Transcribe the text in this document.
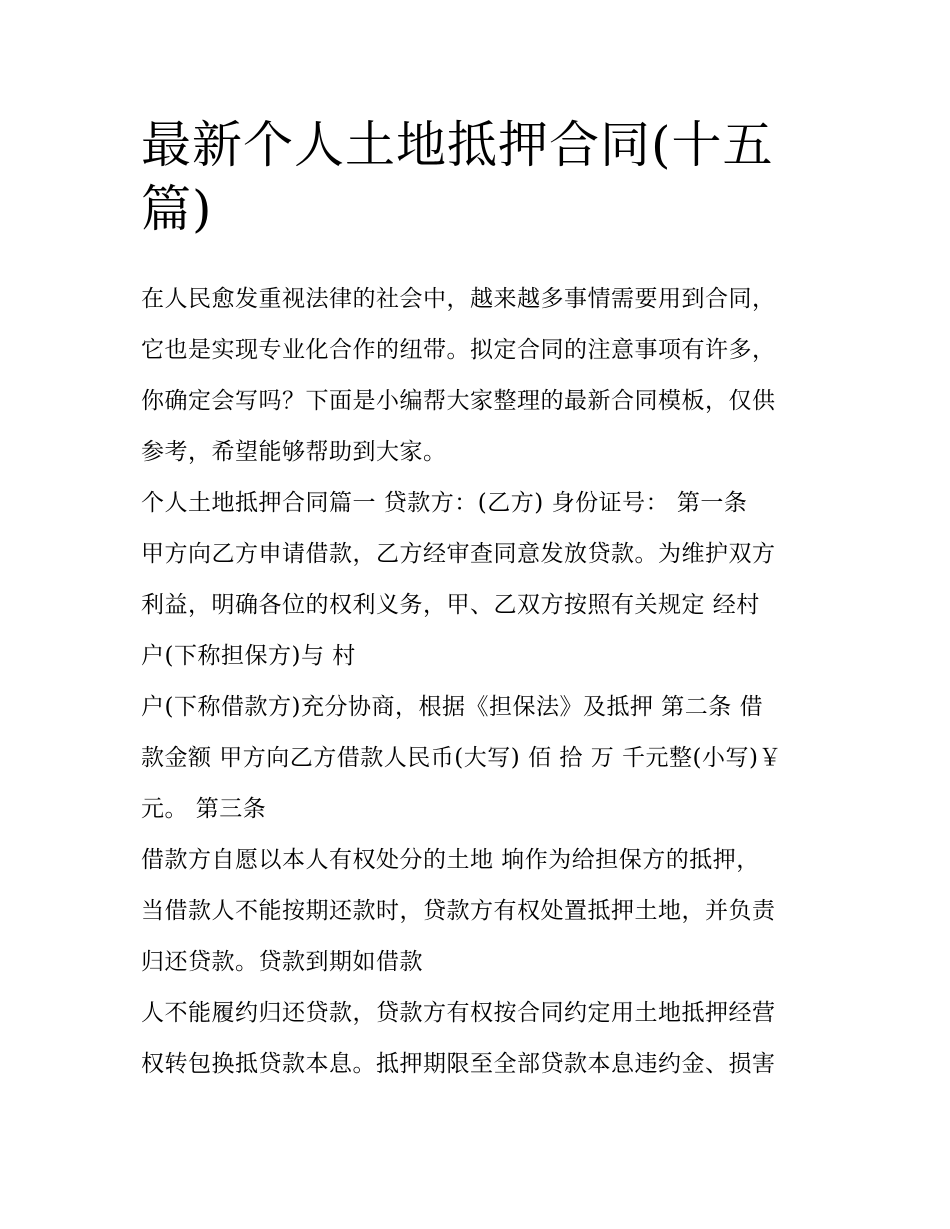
最新个人土地抵押合同(十五篇)
在人民愈发重视法律的社会中，越来越多事情需要用到合同，
它也是实现专业化合作的纽带。拟定合同的注意事项有许多，
你确定会写吗？下面是小编帮大家整理的最新合同模板，仅供
参考，希望能够帮助到大家。
个人土地抵押合同篇一 贷款方：(乙方) 身份证号： 第一条
甲方向乙方申请借款，乙方经审查同意发放贷款。为维护双方
利益，明确各位的权利义务，甲、乙双方按照有关规定 经村
户(下称担保方)与 村
户(下称借款方)充分协商，根据《担保法》及抵押 第二条 借
款金额 甲方向乙方借款人民币(大写) 佰 拾 万 千元整(小写)￥
元。 第三条
借款方自愿以本人有权处分的土地 垧作为给担保方的抵押，
当借款人不能按期还款时，贷款方有权处置抵押土地，并负责
归还贷款。贷款到期如借款
人不能履约归还贷款，贷款方有权按合同约定用土地抵押经营
权转包换抵贷款本息。抵押期限至全部贷款本息违约金、损害
